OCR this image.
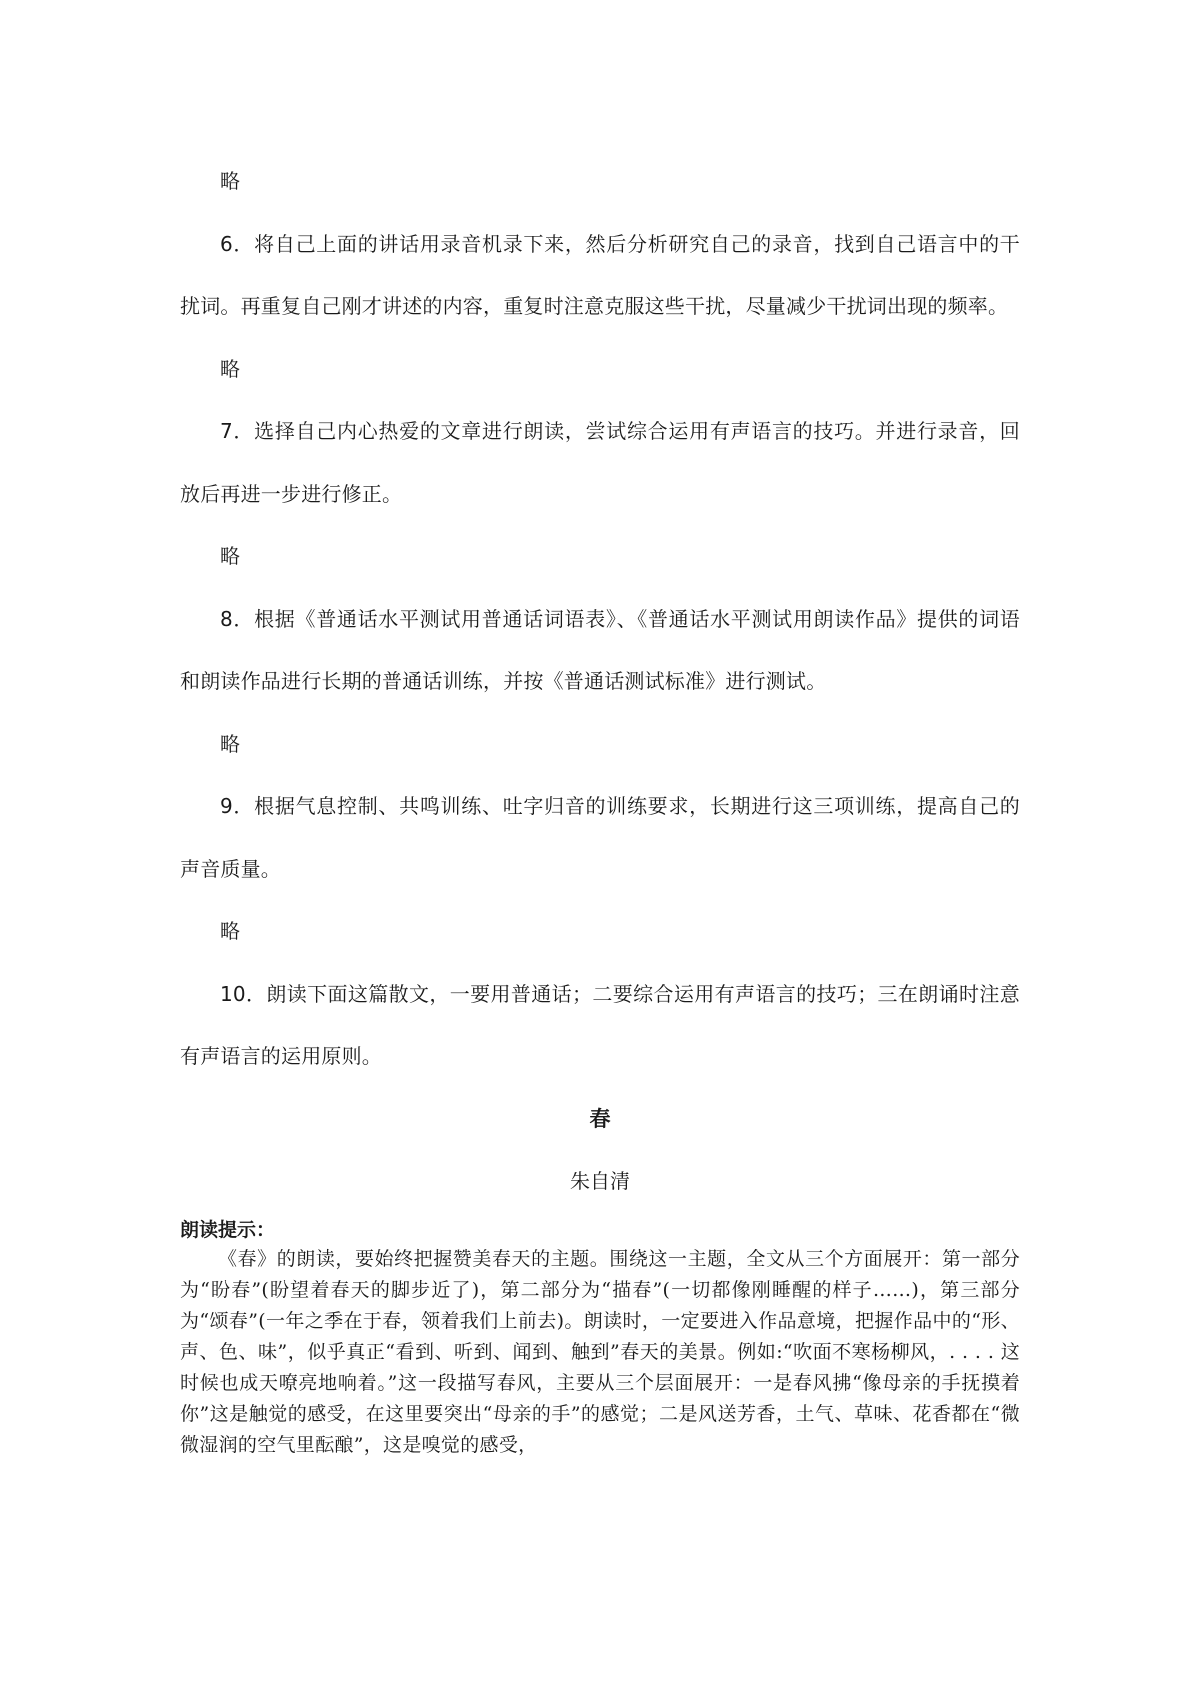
略

6．将自己上面的讲话用录音机录下来，然后分析研究自己的录音，找到自己语言中的干扰词。再重复自己刚才讲述的内容，重复时注意克服这些干扰，尽量减少干扰词出现的频率。

略

7．选择自己内心热爱的文章进行朗读，尝试综合运用有声语言的技巧。并进行录音，回放后再进一步进行修正。

略

8．根据《普通话水平测试用普通话词语表》、《普通话水平测试用朗读作品》提供的词语和朗读作品进行长期的普通话训练，并按《普通话测试标准》进行测试。

略

9．根据气息控制、共鸣训练、吐字归音的训练要求，长期进行这三项训练，提高自己的声音质量。

略

10．朗读下面这篇散文，一要用普通话；二要综合运用有声语言的技巧；三在朗诵时注意有声语言的运用原则。

春

朱自清

朗读提示：

《春》的朗读，要始终把握赞美春天的主题。围绕这一主题，全文从三个方面展开：第一部分为“盼春”(盼望着春天的脚步近了)，第二部分为“描春”(一切都像刚睡醒的样子……)，第三部分为“颂春”(一年之季在于春，领着我们上前去)。朗读时，一定要进入作品意境，把握作品中的“形、声、色、味”，似乎真正“看到、听到、闻到、触到”春天的美景。例如:“吹面不寒杨柳风，. . . . 这时候也成天嘹亮地响着。”这一段描写春风，主要从三个层面展开：一是春风拂“像母亲的手抚摸着你”这是触觉的感受，在这里要突出“母亲的手”的感觉；二是风送芳香，土气、草味、花香都在“微微湿润的空气里酝酿”，这是嗅觉的感受，
